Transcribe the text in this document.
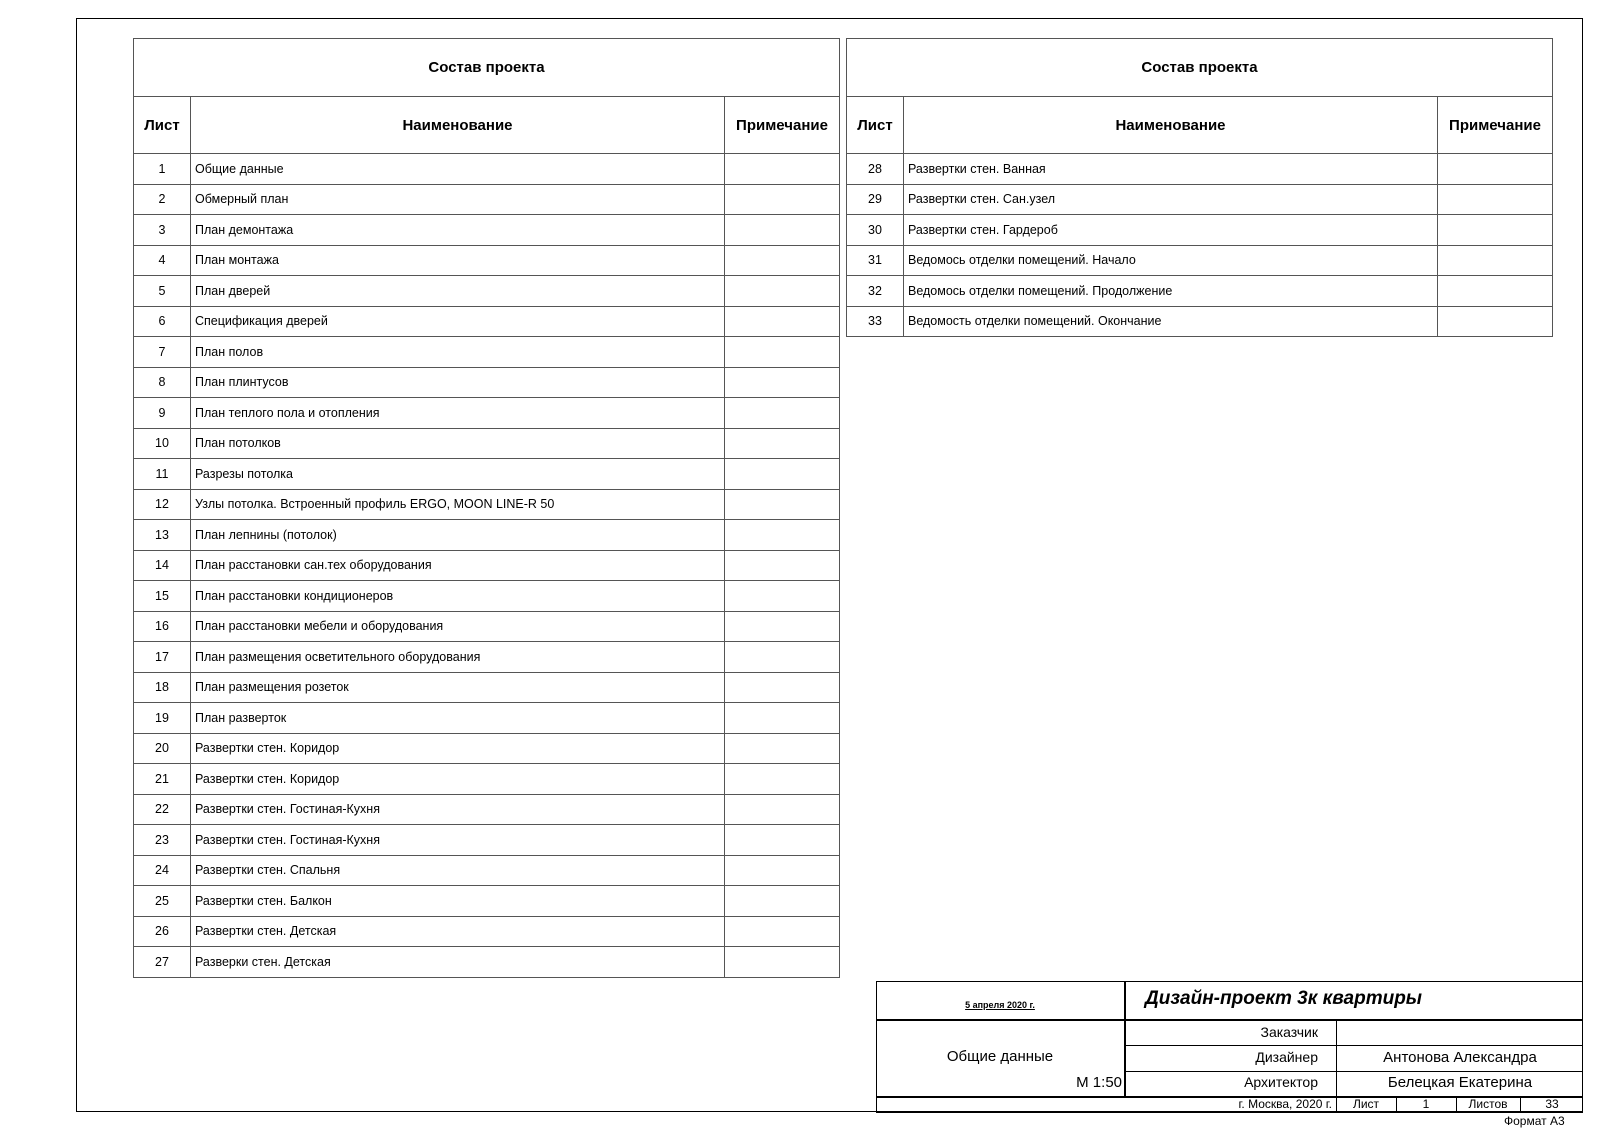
Состав проекта		
Лист	Наименование	Примечание
1	Общие данные	
2	Обмерный план	
3	План демонтажа	
4	План монтажа	
5	План дверей	
6	Спецификация дверей	
7	План полов	
8	План плинтусов	
9	План теплого пола и отопления	
10	План потолков	
11	Разрезы потолка	
12	Узлы потолка. Встроенный профиль ERGO, MOON LINE-R 50	
13	План лепнины (потолок)	
14	План расстановки сан.тех оборудования	
15	План расстановки кондиционеров	
16	План расстановки мебели и оборудования	
17	План размещения осветительного оборудования	
18	План размещения розеток	
19	План разверток	
20	Развертки стен. Коридор	
21	Развертки стен. Коридор	
22	Развертки стен. Гостиная-Кухня	
23	Развертки стен. Гостиная-Кухня	
24	Развертки стен. Спальня	
25	Развертки стен. Балкон	
26	Развертки стен. Детская	
27	Разверки стен. Детская	
Состав проекта		
Лист	Наименование	Примечание
28	Развертки стен. Ванная	
29	Развертки стен. Сан.узел	
30	Развертки стен. Гардероб	
31	Ведомось отделки помещений. Начало	
32	Ведомось отделки помещений. Продолжение	
33	Ведомость отделки помещений. Окончание	
5 апреля 2020 г.	Дизайн-проект 3к квартиры
Общие данные
М 1:50
Заказчик
Дизайнер	Антонова Александра
Архитектор	Белецкая Екатерина
г. Москва, 2020 г.	Лист	1	Листов	33
Формат А3
